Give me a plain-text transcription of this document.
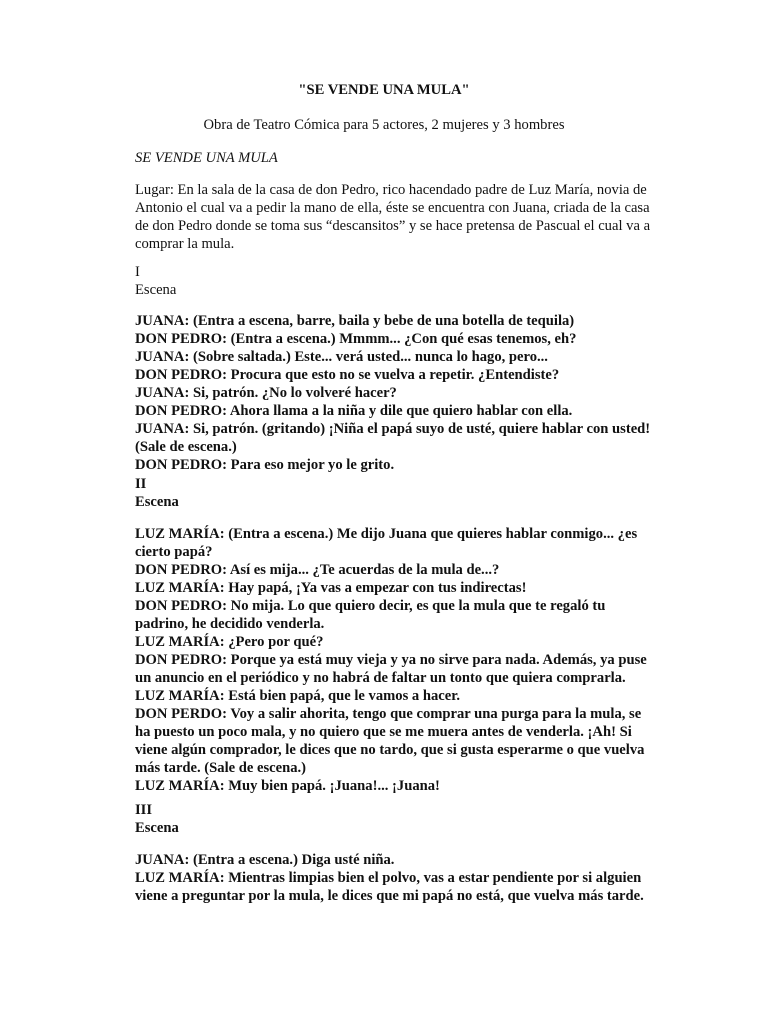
"SE VENDE UNA MULA"
Obra de Teatro Cómica para 5 actores, 2 mujeres y 3 hombres
SE VENDE UNA MULA
Lugar: En la sala de la casa de don Pedro, rico hacendado padre de Luz María, novia de
Antonio el cual va a pedir la mano de ella, éste se encuentra con Juana, criada de la casa
de don Pedro donde se toma sus “descansitos” y se hace pretensa de Pascual el cual va a
comprar la mula.
I
Escena
JUANA: (Entra a escena, barre, baila y bebe de una botella de tequila)
DON PEDRO: (Entra a escena.) Mmmm... ¿Con qué esas tenemos, eh?
JUANA: (Sobre saltada.) Este... verá usted... nunca lo hago, pero...
DON PEDRO: Procura que esto no se vuelva a repetir. ¿Entendiste?
JUANA: Si, patrón. ¿No lo volveré hacer?
DON PEDRO: Ahora llama a la niña y dile que quiero hablar con ella.
JUANA: Si, patrón. (gritando) ¡Niña el papá suyo de usté, quiere hablar con usted!
(Sale de escena.)
DON PEDRO: Para eso mejor yo le grito.
II
Escena
LUZ MARÍA: (Entra a escena.) Me dijo Juana que quieres hablar conmigo... ¿es
cierto papá?
DON PEDRO: Así es mija... ¿Te acuerdas de la mula de...?
LUZ MARÍA: Hay papá, ¡Ya vas a empezar con tus indirectas!
DON PEDRO: No mija. Lo que quiero decir, es que la mula que te regaló tu
padrino, he decidido venderla.
LUZ MARÍA: ¿Pero por qué?
DON PEDRO: Porque ya está muy vieja y ya no sirve para nada. Además, ya puse
un anuncio en el periódico y no habrá de faltar un tonto que quiera comprarla.
LUZ MARÍA: Está bien papá, que le vamos a hacer.
DON PERDO: Voy a salir ahorita, tengo que comprar una purga para la mula, se
ha puesto un poco mala, y no quiero que se me muera antes de venderla. ¡Ah! Si
viene algún comprador, le dices que no tardo, que si gusta esperarme o que vuelva
más tarde. (Sale de escena.)
LUZ MARÍA: Muy bien papá. ¡Juana!... ¡Juana!
III
Escena
JUANA: (Entra a escena.) Diga usté niña.
LUZ MARÍA: Mientras limpias bien el polvo, vas a estar pendiente por si alguien
viene a preguntar por la mula, le dices que mi papá no está, que vuelva más tarde.
